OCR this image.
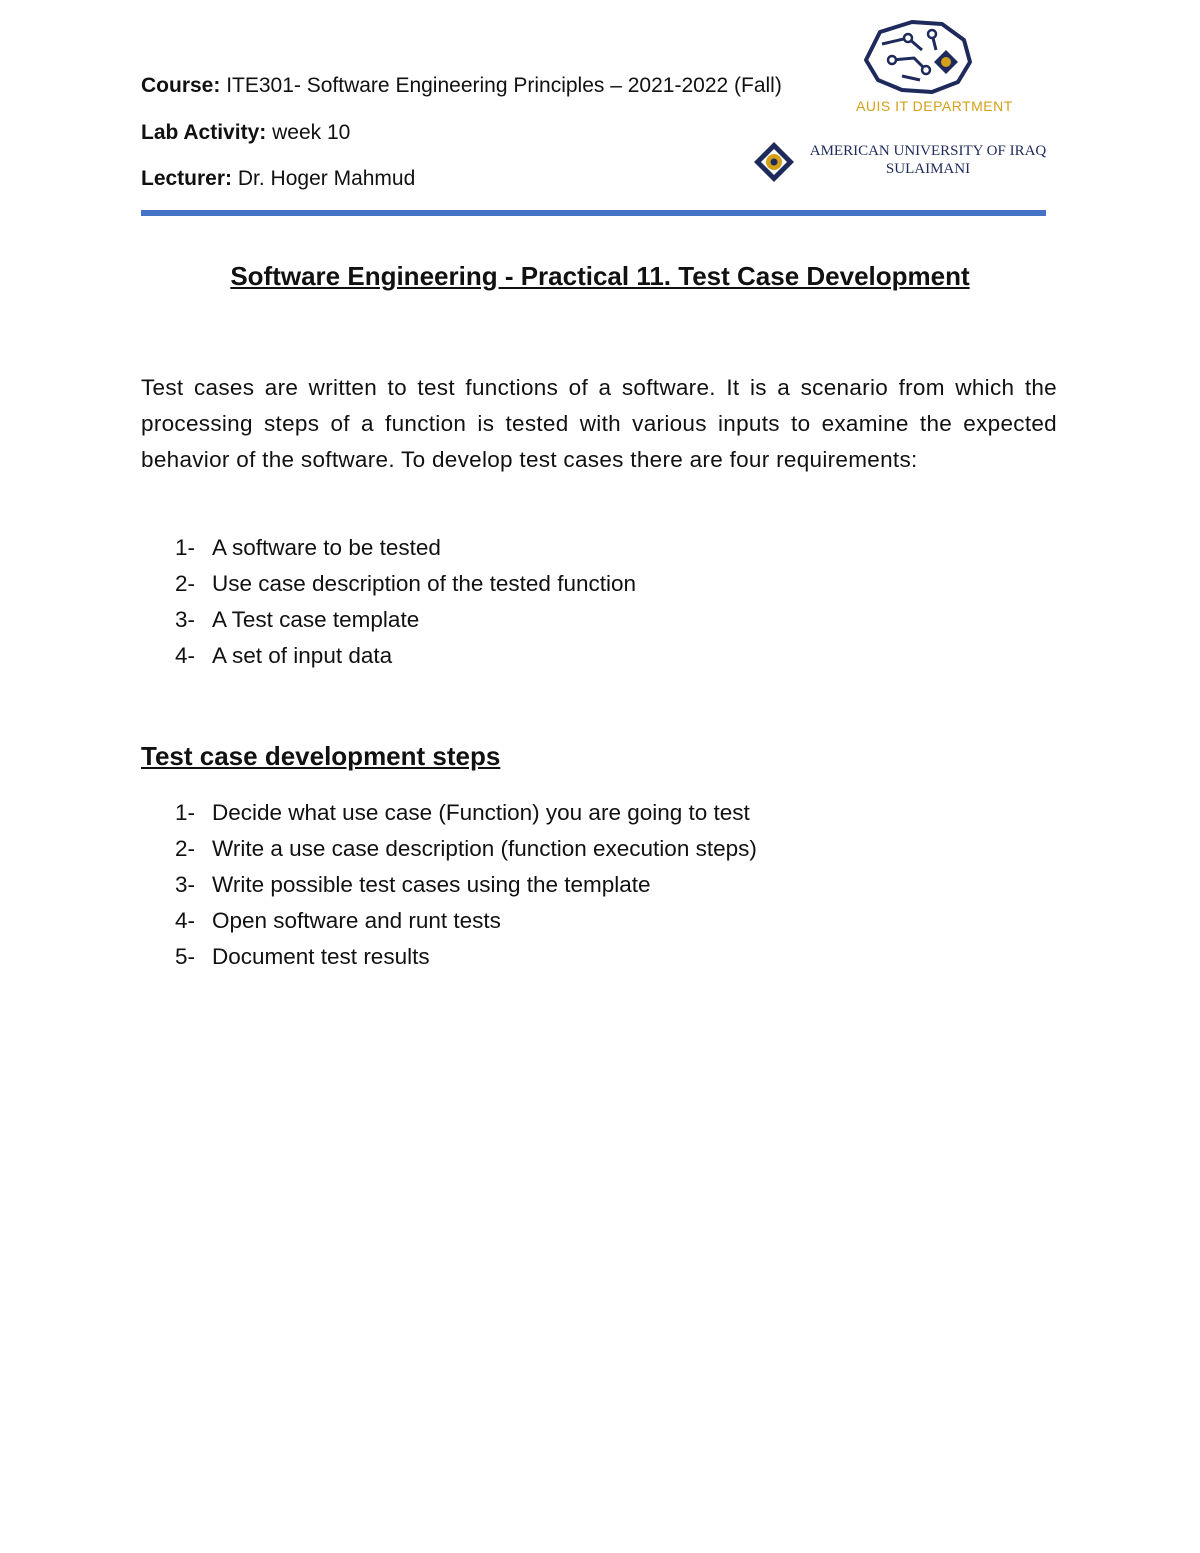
Course: ITE301- Software Engineering Principles – 2021-2022 (Fall)
Lab Activity: week 10
Lecturer: Dr. Hoger Mahmud
AUIS IT DEPARTMENT
AMERICAN UNIVERSITY OF IRAQ
SULAIMANI
Software Engineering - Practical 11. Test Case Development
Test cases are written to test functions of a software. It is a scenario from which the processing steps of a function is tested with various inputs to examine the expected behavior of the software. To develop test cases there are four requirements:
1- A software to be tested
2- Use case description of the tested function
3- A Test case template
4- A set of input data
Test case development steps
1- Decide what use case (Function) you are going to test
2- Write a use case description (function execution steps)
3- Write possible test cases using the template
4- Open software and runt tests
5- Document test results
